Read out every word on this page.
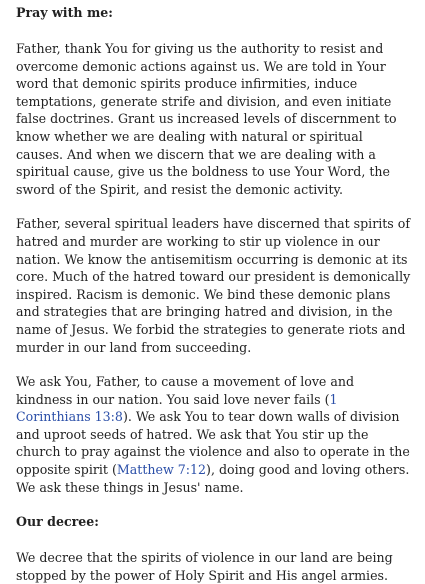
Pray with me:

Father, thank You for giving us the authority to resist and overcome demonic actions against us. We are told in Your word that demonic spirits produce infirmities, induce temptations, generate strife and division, and even initiate false doctrines. Grant us increased levels of discernment to know whether we are dealing with natural or spiritual causes. And when we discern that we are dealing with a spiritual cause, give us the boldness to use Your Word, the sword of the Spirit, and resist the demonic activity.

Father, several spiritual leaders have discerned that spirits of hatred and murder are working to stir up violence in our nation. We know the antisemitism occurring is demonic at its core. Much of the hatred toward our president is demonically inspired. Racism is demonic. We bind these demonic plans and strategies that are bringing hatred and division, in the name of Jesus. We forbid the strategies to generate riots and murder in our land from succeeding.

We ask You, Father, to cause a movement of love and kindness in our nation. You said love never fails (1 Corinthians 13:8). We ask You to tear down walls of division and uproot seeds of hatred. We ask that You stir up the church to pray against the violence and also to operate in the opposite spirit (Matthew 7:12), doing good and loving others. We ask these things in Jesus' name.

Our decree:

We decree that the spirits of violence in our land are being stopped by the power of Holy Spirit and His angel armies.
